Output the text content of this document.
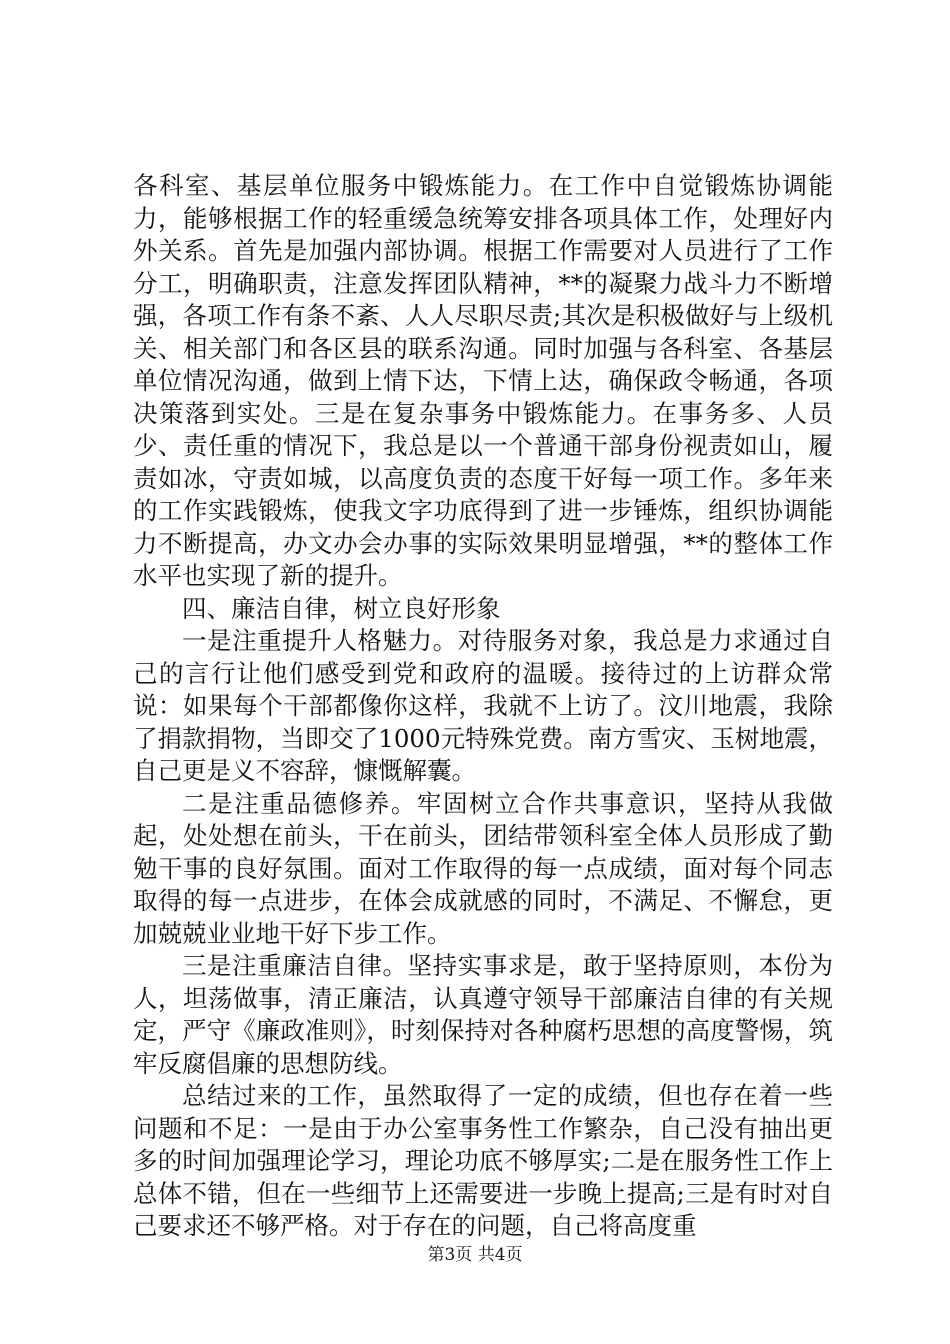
各科室、基层单位服务中锻炼能力。在工作中自觉锻炼协调能力，能够根据工作的轻重缓急统筹安排各项具体工作，处理好内外关系。首先是加强内部协调。根据工作需要对人员进行了工作分工，明确职责，注意发挥团队精神，**的凝聚力战斗力不断增强，各项工作有条不紊、人人尽职尽责;其次是积极做好与上级机关、相关部门和各区县的联系沟通。同时加强与各科室、各基层单位情况沟通，做到上情下达，下情上达，确保政令畅通，各项决策落到实处。三是在复杂事务中锻炼能力。在事务多、人员少、责任重的情况下，我总是以一个普通干部身份视责如山，履责如冰，守责如城，以高度负责的态度干好每一项工作。多年来的工作实践锻炼，使我文字功底得到了进一步锤炼，组织协调能力不断提高，办文办会办事的实际效果明显增强，**的整体工作水平也实现了新的提升。

四、廉洁自律，树立良好形象

一是注重提升人格魅力。对待服务对象，我总是力求通过自己的言行让他们感受到党和政府的温暖。接待过的上访群众常说：如果每个干部都像你这样，我就不上访了。汶川地震，我除了捐款捐物，当即交了1000元特殊党费。南方雪灾、玉树地震，自己更是义不容辞，慷慨解囊。

二是注重品德修养。牢固树立合作共事意识，坚持从我做起，处处想在前头，干在前头，团结带领科室全体人员形成了勤勉干事的良好氛围。面对工作取得的每一点成绩，面对每个同志取得的每一点进步，在体会成就感的同时，不满足、不懈怠，更加兢兢业业地干好下步工作。

三是注重廉洁自律。坚持实事求是，敢于坚持原则，本份为人，坦荡做事，清正廉洁，认真遵守领导干部廉洁自律的有关规定，严守《廉政准则》，时刻保持对各种腐朽思想的高度警惕，筑牢反腐倡廉的思想防线。

总结过来的工作，虽然取得了一定的成绩，但也存在着一些问题和不足：一是由于办公室事务性工作繁杂，自己没有抽出更多的时间加强理论学习，理论功底不够厚实;二是在服务性工作上总体不错，但在一些细节上还需要进一步晚上提高;三是有时对自己要求还不够严格。对于存在的问题，自己将高度重

第3页 共4页
